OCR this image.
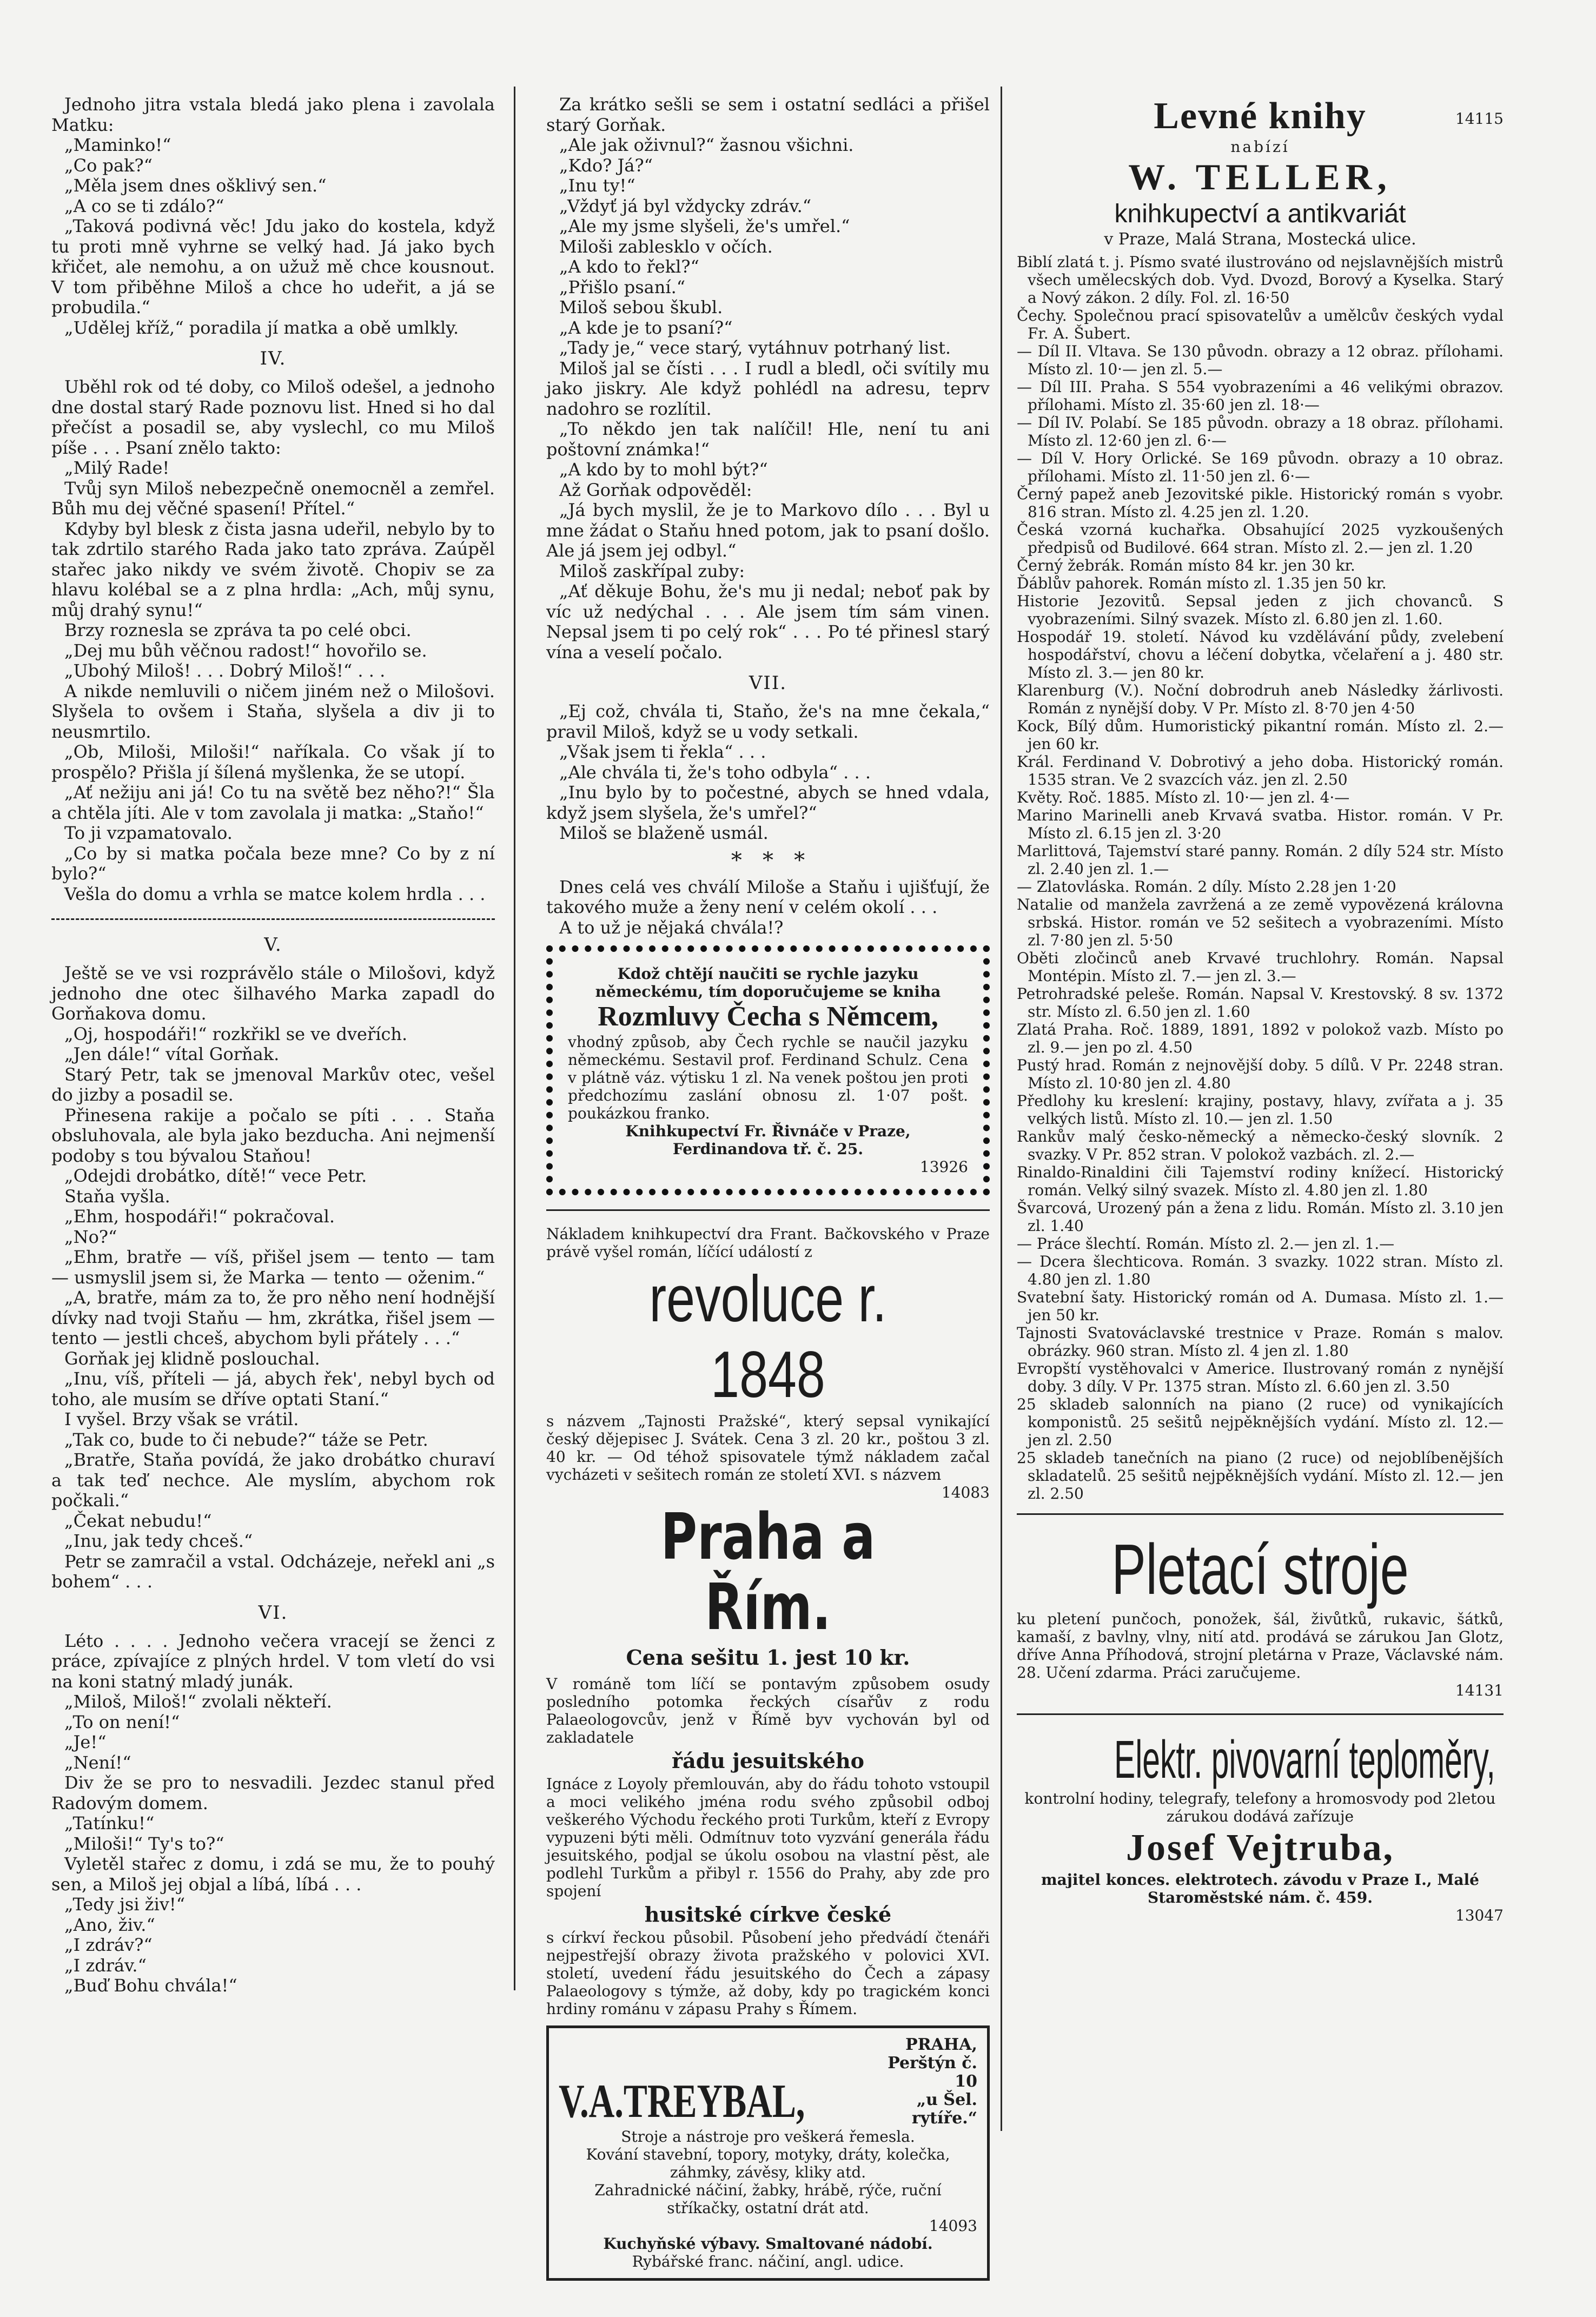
Jednoho jitra vstala bledá jako plena i zavolala Matku:
„Maminko!“
„Co pak?“
„Měla jsem dnes ošklivý sen.“
„A co se ti zdálo?“
„Taková podivná věc! Jdu jako do kostela, když tu proti mně vyhrne se velký had. Já jako bych křičet, ale nemohu, a on užuž mě chce kousnout. V tom přiběhne Miloš a chce ho udeřit, a já se probudila.“
„Udělej kříž,“ poradila jí matka a obě umlkly.
IV.
Uběhl rok od té doby, co Miloš odešel, a jednoho dne dostal starý Rade poznovu list. Hned si ho dal přečíst a posadil se, aby vyslechl, co mu Miloš píše . . . Psaní znělo takto:
„Milý Rade!
Tvůj syn Miloš nebezpečně onemocněl a zemřel. Bůh mu dej věčné spasení! Přítel.“
Kdyby byl blesk z čista jasna udeřil, nebylo by to tak zdrtilo starého Rada jako tato zpráva. Zaúpěl stařec jako nikdy ve svém životě. Chopiv se za hlavu kolébal se a z plna hrdla: „Ach, můj synu, můj drahý synu!“
Brzy roznesla se zpráva ta po celé obci.
„Dej mu bůh věčnou radost!“ hovořilo se.
„Ubohý Miloš! . . . Dobrý Miloš!“ . . .
A nikde nemluvili o ničem jiném než o Milošovi. Slyšela to ovšem i Staňa, slyšela a div ji to neusmrtilo.
„Ob, Miloši, Miloši!“ naříkala. Co však jí to prospělo? Přišla jí šílená myšlenka, že se utopí.
„Ať nežiju ani já! Co tu na světě bez něho?!“ Šla a chtěla jíti. Ale v tom zavolala ji matka: „Staňo!“
To ji vzpamatovalo.
„Co by si matka počala beze mne? Co by z ní bylo?“
Vešla do domu a vrhla se matce kolem hrdla . . .
V.
Ještě se ve vsi rozprávělo stále o Milošovi, když jednoho dne otec šilhavého Marka zapadl do Gorňakova domu.
„Oj, hospodáři!“ rozkřikl se ve dveřích.
„Jen dále!“ vítal Gorňak.
Starý Petr, tak se jmenoval Markův otec, vešel do jizby a posadil se.
Přinesena rakije a počalo se píti . . . Staňa obsluhovala, ale byla jako bezducha. Ani nejmenší podoby s tou bývalou Staňou!
„Odejdi drobátko, dítě!“ vece Petr.
Staňa vyšla.
„Ehm, hospodáři!“ pokračoval.
„No?“
„Ehm, bratře — víš, přišel jsem — tento — tam — usmyslil jsem si, že Marka — tento — oženim.“
„A, bratře, mám za to, že pro něho není hodnější dívky nad tvoji Staňu — hm, zkrátka, řišel jsem — tento — jestli chceš, abychom byli přátely . . .“
Gorňak jej klidně poslouchal.
„Inu, víš, příteli — já, abych řek', nebyl bych od toho, ale musím se dříve optati Staní.“
I vyšel. Brzy však se vrátil.
„Tak co, bude to či nebude?“ táže se Petr.
„Bratře, Staňa povídá, že jako drobátko churaví a tak teď nechce. Ale myslím, abychom rok počkali.“
„Čekat nebudu!“
„Inu, jak tedy chceš.“
Petr se zamračil a vstal. Odcházeje, neřekl ani „s bohem“ . . .
VI.
Léto . . . . Jednoho večera vracejí se ženci z práce, zpívajíce z plných hrdel. V tom vletí do vsi na koni statný mladý junák.
„Miloš, Miloš!“ zvolali někteří.
„To on není!“
„Je!“
„Není!“
Div že se pro to nesvadili. Jezdec stanul před Radovým domem.
„Tatínku!“
„Miloši!“ Ty's to?“
Vyletěl stařec z domu, i zdá se mu, že to pouhý sen, a Miloš jej objal a líbá, líbá . . .
„Tedy jsi živ!“
„Ano, živ.“
„I zdráv?“
„I zdráv.“
„Buď Bohu chvála!“
Za krátko sešli se sem i ostatní sedláci a přišel starý Gorňak.
„Ale jak oživnul?“ žasnou všichni.
„Kdo? Já?“
„Inu ty!“
„Vždyť já byl vždycky zdráv.“
„Ale my jsme slyšeli, že's umřel.“
Miloši zablesklo v očích.
„A kdo to řekl?“
„Přišlo psaní.“
Miloš sebou škubl.
„A kde je to psaní?“
„Tady je,“ vece starý, vytáhnuv potrhaný list.
Miloš jal se čísti . . . I rudl a bledl, oči svítily mu jako jiskry. Ale když pohlédl na adresu, teprv nadohro se rozlítil.
„To někdo jen tak nalíčil! Hle, není tu ani poštovní známka!“
„A kdo by to mohl být?“
Až Gorňak odpověděl:
„Já bych myslil, že je to Markovo dílo . . . Byl u mne žádat o Staňu hned potom, jak to psaní došlo. Ale já jsem jej odbyl.“
Miloš zaskřípal zuby:
„Ať děkuje Bohu, že's mu ji nedal; neboť pak by víc už nedýchal . . . Ale jsem tím sám vinen. Nepsal jsem ti po celý rok“ . . . Po té přinesl starý vína a veselí počalo.
VII.
„Ej což, chvála ti, Staňo, že's na mne čekala,“ pravil Miloš, když se u vody setkali.
„Však jsem ti řekla“ . . .
„Ale chvála ti, že's toho odbyla“ . . .
„Inu bylo by to počestné, abych se hned vdala, když jsem slyšela, že's umřel?“
Miloš se blaženě usmál.
*   *   *
Dnes celá ves chválí Miloše a Staňu i ujišťují, že takového muže a ženy není v celém okolí . . .
A to už je nějaká chvála!?
Kdož chtějí naučiti se rychle jazyku německému, tím doporučujeme se kniha
Rozmluvy Čecha s Němcem,
vhodný způsob, aby Čech rychle se naučil jazyku německému. Sestavil prof. Ferdinand Schulz. Cena v plátně váz. výtisku 1 zl. Na venek poštou jen proti předchozímu zaslání obnosu zl. 1·07 pošt. poukázkou franko.
Knihkupectví Fr. Řivnáče v Praze, Ferdinandova tř. č. 25.
13926
Nákladem knihkupectví dra Frant. Bačkovského v Praze právě vyšel román, líčící událostí z
revoluce r. 1848
s názvem „Tajnosti Pražské“, který sepsal vynikající český dějepisec J. Svátek. Cena 3 zl. 20 kr., poštou 3 zl. 40 kr. — Od téhož spisovatele týmž nákladem začal vycházeti v sešitech román ze století XVI. s názvem
14083
Praha a Řím.
Cena sešitu 1. jest 10 kr.
V románě tom líčí se pontavým způsobem osudy posledního potomka řeckých císařův z rodu Palaeologovcův, jenž v Římě byv vychován byl od zakladatele
řádu jesuitského
Ignáce z Loyoly přemlouván, aby do řádu tohoto vstoupil a moci velikého jména rodu svého způsobil odboj veškerého Východu řeckého proti Turkům, kteří z Evropy vypuzeni býti měli. Odmítnuv toto vyzvání generála řádu jesuitského, podjal se úkolu osobou na vlastní pěst, ale podlehl Turkům a přibyl r. 1556 do Prahy, aby zde pro spojení
husitské církve české
s církví řeckou působil. Působení jeho předvádí čtenáři nejpestřejší obrazy života pražského v polovici XVI. století, uvedení řádu jesuitského do Čech a zápasy Palaeologovy s týmže, až doby, kdy po tragickém konci hrdiny románu v zápasu Prahy s Římem.
V.A.TREYBAL,
PRAHA,
Perštýn č. 10
„u Šel. rytíře.“
Stroje a nástroje pro veškerá řemesla.
Kování stavební, topory, motyky, dráty, kolečka, záhmky, závěsy, kliky atd.
Zahradnické náčiní, žabky, hrábě, rýče, ruční stříkačky, ostatní drát atd.
14093
Kuchyňské výbavy. Smaltované nádobí.
Rybářské franc. náčiní, angl. udice.
Levné knihy	14115
nabízí
W. TELLER,
knihkupectví a antikvariát
v Praze, Malá Strana, Mostecká ulice.
Biblí zlatá t. j. Písmo svaté ilustrováno od nejslavnějších mistrů všech umělecských dob. Vyd. Dvozd, Borový a Kyselka. Starý a Nový zákon. 2 díly. Fol. zl. 16·50
Čechy. Společnou prací spisovatelův a umělcův českých vydal Fr. A. Šubert.
— Díl II. Vltava. Se 130 původn. obrazy a 12 obraz. přílohami. Místo zl. 10·— jen zl. 5.—
— Díl III. Praha. S 554 vyobrazeními a 46 velikými obrazov. přílohami. Místo zl. 35·60 jen zl. 18·—
— Díl IV. Polabí. Se 185 původn. obrazy a 18 obraz. přílohami. Místo zl. 12·60 jen zl. 6·—
— Díl V. Hory Orlické. Se 169 původn. obrazy a 10 obraz. přílohami. Místo zl. 11·50 jen zl. 6·—
Černý papež aneb Jezovitské pikle. Historický román s vyobr. 816 stran. Místo zl. 4.25 jen zl. 1.20.
Česká vzorná kuchařka. Obsahující 2025 vyzkoušených předpisů od Budilové. 664 stran. Místo zl. 2.— jen zl. 1.20
Černý žebrák. Román místo 84 kr. jen 30 kr.
Ďáblův pahorek. Román místo zl. 1.35 jen 50 kr.
Historie Jezovitů. Sepsal jeden z jich chovanců. S vyobrazeními. Silný svazek. Místo zl. 6.80 jen zl. 1.60.
Hospodář 19. století. Návod ku vzdělávání půdy, zvelebení hospodářství, chovu a léčení dobytka, včelaření a j. 480 str. Místo zl. 3.— jen 80 kr.
Klarenburg (V.). Noční dobrodruh aneb Následky žárlivosti. Román z nynější doby. V Pr. Místo zl. 8·70 jen 4·50
Kock, Bílý dům. Humoristický pikantní román. Místo zl. 2.— jen 60 kr.
Král. Ferdinand V. Dobrotivý a jeho doba. Historický román. 1535 stran. Ve 2 svazcích váz. jen zl. 2.50
Květy. Roč. 1885. Místo zl. 10·— jen zl. 4·—
Marino Marinelli aneb Krvavá svatba. Histor. román. V Pr. Místo zl. 6.15 jen zl. 3·20
Marlittová, Tajemství staré panny. Román. 2 díly 524 str. Místo zl. 2.40 jen zl. 1.—
— Zlatovláska. Román. 2 díly. Místo 2.28 jen 1·20
Natalie od manžela zavržená a ze země vypovězená královna srbská. Histor. román ve 52 sešitech a vyobrazeními. Místo zl. 7·80 jen zl. 5·50
Oběti zločinců aneb Krvavé truchlohry. Román. Napsal Montépin. Místo zl. 7.— jen zl. 3.—
Petrohradské peleše. Román. Napsal V. Krestovský. 8 sv. 1372 str. Místo zl. 6.50 jen zl. 1.60
Zlatá Praha. Roč. 1889, 1891, 1892 v polokož vazb. Místo po zl. 9.— jen po zl. 4.50
Pustý hrad. Román z nejnovější doby. 5 dílů. V Pr. 2248 stran. Místo zl. 10·80 jen zl. 4.80
Předlohy ku kreslení: krajiny, postavy, hlavy, zvířata a j. 35 velkých listů. Místo zl. 10.— jen zl. 1.50
Rankův malý česko-německý a německo-český slovník. 2 svazky. V Pr. 852 stran. V polokož vazbách. zl. 2.—
Rinaldo-Rinaldini čili Tajemství rodiny knížecí. Historický román. Velký silný svazek. Místo zl. 4.80 jen zl. 1.80
Švarcová, Urozený pán a žena z lidu. Román. Místo zl. 3.10 jen zl. 1.40
— Práce šlechtí. Román. Místo zl. 2.— jen zl. 1.—
— Dcera šlechticova. Román. 3 svazky. 1022 stran. Místo zl. 4.80 jen zl. 1.80
Svatební šaty. Historický román od A. Dumasa. Místo zl. 1.— jen 50 kr.
Tajnosti Svatováclavské trestnice v Praze. Román s malov. obrázky. 960 stran. Místo zl. 4 jen zl. 1.80
Evropští vystěhovalci v Americe. Ilustrovaný román z nynější doby. 3 díly. V Pr. 1375 stran. Místo zl. 6.60 jen zl. 3.50
25 skladeb salonních na piano (2 ruce) od vynikajících komponistů. 25 sešitů nejpěknějších vydání. Místo zl. 12.— jen zl. 2.50
25 skladeb tanečních na piano (2 ruce) od nejoblíbenějších skladatelů. 25 sešitů nejpěknějších vydání. Místo zl. 12.— jen zl. 2.50
Pletací stroje
ku pletení punčoch, ponožek, šál, živůtků, rukavic, šátků, kamaší, z bavlny, vlny, nití atd. prodává se zárukou Jan Glotz, dříve Anna Příhodová, strojní pletárna v Praze, Václavské nám. 28. Učení zdarma. Práci zaručujeme.
14131
Elektr. pivovarní teploměry,
kontrolní hodiny, telegrafy, telefony a hromosvody pod 2letou zárukou dodává zařízuje
Josef Vejtruba,
majitel konces. elektrotech. závodu v Praze I., Malé Staroměstské nám. č. 459.
13047
